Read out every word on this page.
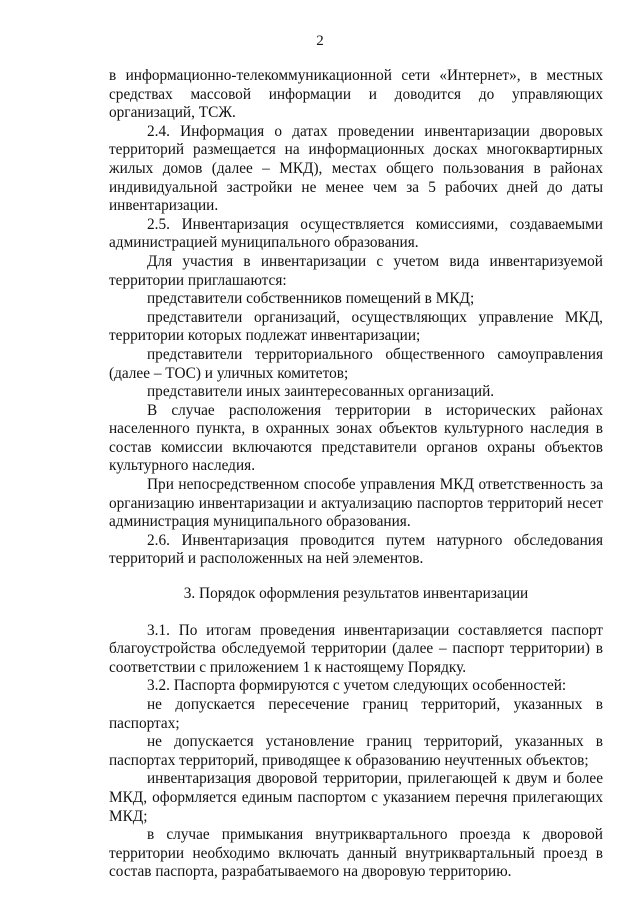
2

в информационно-телекоммуникационной сети «Интернет», в местных средствах массовой информации и доводится до управляющих организаций, ТСЖ.

2.4. Информация о датах проведении инвентаризации дворовых территорий размещается на информационных досках многоквартирных жилых домов (далее – МКД), местах общего пользования в районах индивидуальной застройки не менее чем за 5 рабочих дней до даты инвентаризации.

2.5. Инвентаризация осуществляется комиссиями, создаваемыми администрацией муниципального образования.

Для участия в инвентаризации с учетом вида инвентаризуемой территории приглашаются:

представители собственников помещений в МКД;

представители организаций, осуществляющих управление МКД, территории которых подлежат инвентаризации;

представители территориального общественного самоуправления (далее – ТОС) и уличных комитетов;

представители иных заинтересованных организаций.

В случае расположения территории в исторических районах населенного пункта, в охранных зонах объектов культурного наследия в состав комиссии включаются представители органов охраны объектов культурного наследия.

При непосредственном способе управления МКД ответственность за организацию инвентаризации и актуализацию паспортов территорий несет администрация муниципального образования.

2.6. Инвентаризация проводится путем натурного обследования территорий и расположенных на ней элементов.

3. Порядок оформления результатов инвентаризации

3.1. По итогам проведения инвентаризации составляется паспорт благоустройства обследуемой территории (далее – паспорт территории) в соответствии с приложением 1 к настоящему Порядку.

3.2. Паспорта формируются с учетом следующих особенностей:

не допускается пересечение границ территорий, указанных в паспортах;

не допускается установление границ территорий, указанных в паспортах территорий, приводящее к образованию неучтенных объектов;

инвентаризация дворовой территории, прилегающей к двум и более МКД, оформляется единым паспортом с указанием перечня прилегающих МКД;

в случае примыкания внутриквартального проезда к дворовой территории необходимо включать данный внутриквартальный проезд в состав паспорта, разрабатываемого на дворовую территорию.
